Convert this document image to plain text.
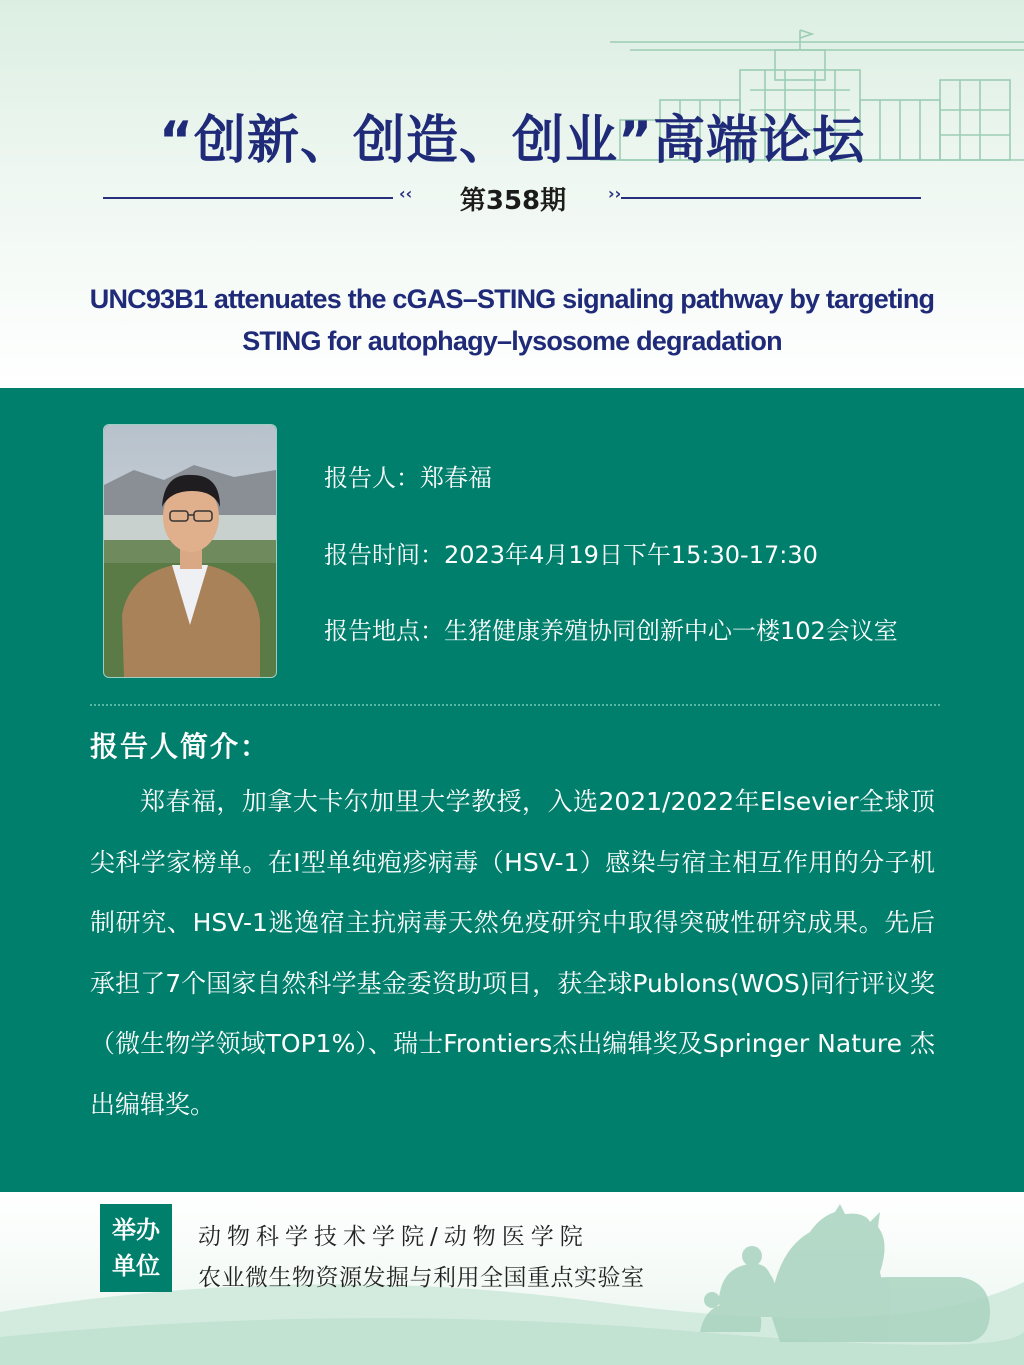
“创新、创造、创业”高端论坛
‹‹	第358期	››
UNC93B1 attenuates the cGAS–STING signaling pathway by targeting STING for autophagy–lysosome degradation
报告人：郑春福
报告时间：2023年4月19日下午15:30-17:30
报告地点：生猪健康养殖协同创新中心一楼102会议室
报告人简介：

郑春福，加拿大卡尔加里大学教授，入选2021/2022年Elsevier全球顶尖科学家榜单。在I型单纯疱疹病毒（HSV-1）感染与宿主相互作用的分子机制研究、HSV-1逃逸宿主抗病毒天然免疫研究中取得突破性研究成果。先后承担了7个国家自然科学基金委资助项目，获全球Publons(WOS)同行评议奖（微生物学领域TOP1%）、瑞士Frontiers杰出编辑奖及Springer Nature 杰出编辑奖。

举办
单位
动物科学技术学院/动物医学院
农业微生物资源发掘与利用全国重点实验室
